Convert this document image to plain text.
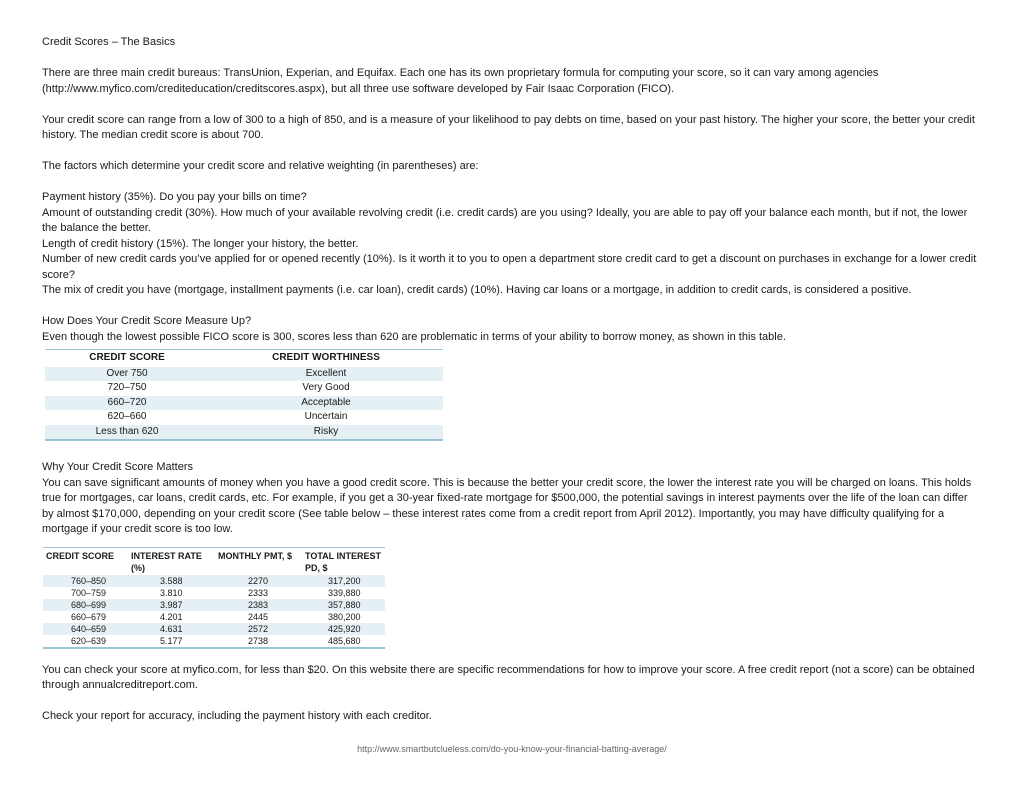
Credit Scores – The Basics

There are three main credit bureaus: TransUnion, Experian, and Equifax. Each one has its own proprietary formula for computing your score, so it can vary among agencies (http://www.myfico.com/crediteducation/creditscores.aspx), but all three use software developed by Fair Isaac Corporation (FICO).

Your credit score can range from a low of 300 to a high of 850, and is a measure of your likelihood to pay debts on time, based on your past history. The higher your score, the better your credit history. The median credit score is about 700.

The factors which determine your credit score and relative weighting (in parentheses) are:

Payment history (35%). Do you pay your bills on time?

Amount of outstanding credit (30%). How much of your available revolving credit (i.e. credit cards) are you using? Ideally, you are able to pay off your balance each month, but if not, the lower the balance the better.

Length of credit history (15%). The longer your history, the better.

Number of new credit cards you’ve applied for or opened recently (10%). Is it worth it to you to open a department store credit card to get a discount on purchases in exchange for a lower credit score?

The mix of credit you have (mortgage, installment payments (i.e. car loan), credit cards) (10%). Having car loans or a mortgage, in addition to credit cards, is considered a positive.

How Does Your Credit Score Measure Up?

Even though the lowest possible FICO score is 300, scores less than 620 are problematic in terms of your ability to borrow money, as shown in this table.

CREDIT SCORE	CREDIT WORTHINESS
Over 750	Excellent
720–750	Very Good
660–720	Acceptable
620–660	Uncertain
Less than 620	Risky

Why Your Credit Score Matters

You can save significant amounts of money when you have a good credit score. This is because the better your credit score, the lower the interest rate you will be charged on loans. This holds true for mortgages, car loans, credit cards, etc. For example, if you get a 30-year fixed-rate mortgage for $500,000, the potential savings in interest payments over the life of the loan can differ by almost $170,000, depending on your credit score (See table below – these interest rates come from a credit report from April 2012). Importantly, you may have difficulty qualifying for a mortgage if your credit score is too low.

CREDIT SCORE	INTEREST RATE (%)	MONTHLY PMT, $	TOTAL INTEREST PD, $
760–850	3.588	2270	317,200
700–759	3.810	2333	339,880
680–699	3.987	2383	357,880
660–679	4.201	2445	380,200
640–659	4.631	2572	425,920
620–639	5.177	2738	485,680

You can check your score at myfico.com, for less than $20. On this website there are specific recommendations for how to improve your score. A free credit report (not a score) can be obtained through annualcreditreport.com.

Check your report for accuracy, including the payment history with each creditor.

http://www.smartbutclueless.com/do-you-know-your-financial-batting-average/
